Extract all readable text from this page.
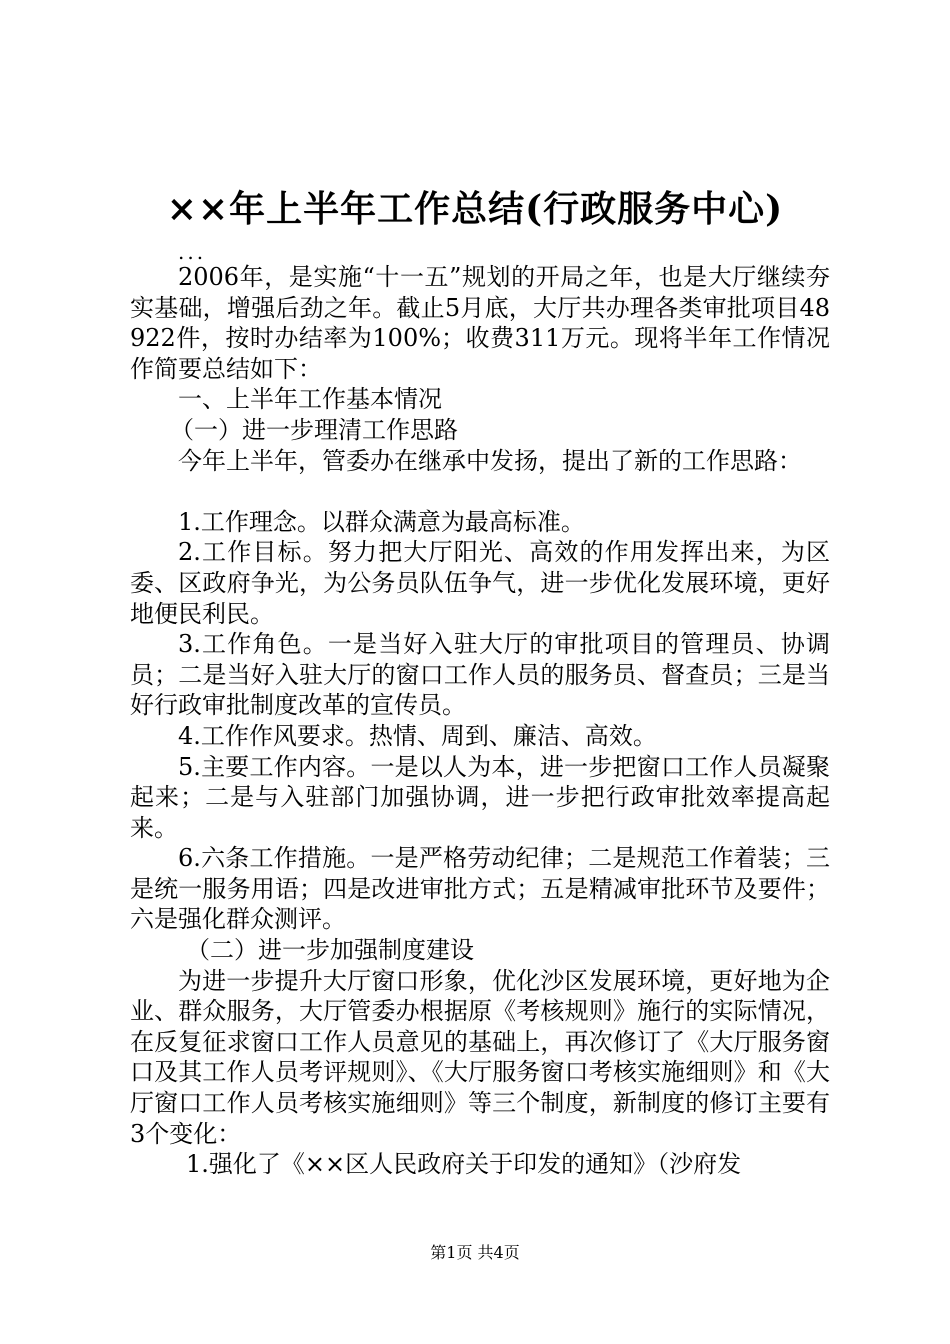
××年上半年工作总结(行政服务中心)
...

2006年，是实施“十一五”规划的开局之年，也是大厅继续夯实基础，增强后劲之年。截止5月底，大厅共办理各类审批项目48922件，按时办结率为100%；收费311万元。现将半年工作情况作简要总结如下：

一、上半年工作基本情况

（一）进一步理清工作思路

今年上半年，管委办在继承中发扬，提出了新的工作思路：

1.工作理念。以群众满意为最高标准。

2.工作目标。努力把大厅阳光、高效的作用发挥出来，为区委、区政府争光，为公务员队伍争气，进一步优化发展环境，更好地便民利民。

3.工作角色。一是当好入驻大厅的审批项目的管理员、协调员；二是当好入驻大厅的窗口工作人员的服务员、督查员；三是当好行政审批制度改革的宣传员。

4.工作作风要求。热情、周到、廉洁、高效。

5.主要工作内容。一是以人为本，进一步把窗口工作人员凝聚起来；二是与入驻部门加强协调，进一步把行政审批效率提高起来。

6.六条工作措施。一是严格劳动纪律；二是规范工作着装；三是统一服务用语；四是改进审批方式；五是精减审批环节及要件；六是强化群众测评。

（二）进一步加强制度建设

为进一步提升大厅窗口形象，优化沙区发展环境，更好地为企业、群众服务，大厅管委办根据原《考核规则》施行的实际情况，在反复征求窗口工作人员意见的基础上，再次修订了《大厅服务窗口及其工作人员考评规则》、《大厅服务窗口考核实施细则》和《大厅窗口工作人员考核实施细则》等三个制度，新制度的修订主要有3个变化：

1.强化了《××区人民政府关于印发的通知》（沙府发

第1页 共4页
